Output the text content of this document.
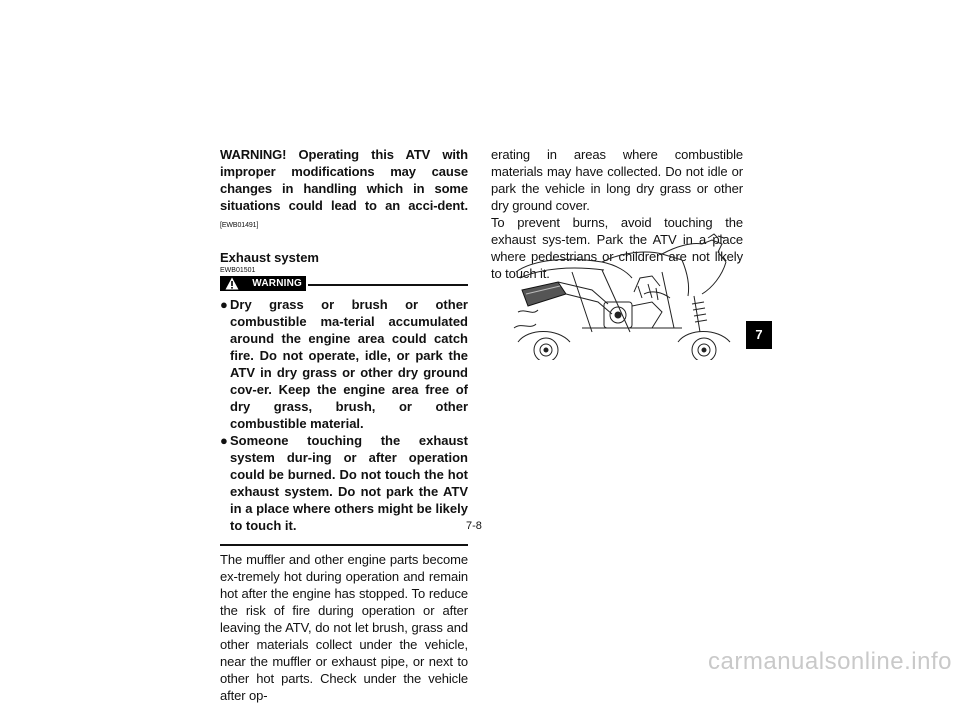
WARNING! Operating this ATV with improper modifications may cause changes in handling which in some situations could lead to an acci-dent. [EWB01491]

Exhaust system
EWB01501
WARNING
● Dry grass or brush or other combustible ma-terial accumulated around the engine area could catch fire. Do not operate, idle, or park the ATV in dry grass or other dry ground cov-er. Keep the engine area free of dry grass, brush, or other combustible material.
● Someone touching the exhaust system dur-ing or after operation could be burned. Do not touch the hot exhaust system. Do not park the ATV in a place where others might be likely to touch it.

The muffler and other engine parts become ex-tremely hot during operation and remain hot after the engine has stopped. To reduce the risk of fire during operation or after leaving the ATV, do not let brush, grass and other materials collect under the vehicle, near the muffler or exhaust pipe, or next to other hot parts. Check under the vehicle after op-

erating in areas where combustible materials may have collected. Do not idle or park the vehicle in long dry grass or other dry ground cover.

To prevent burns, avoid touching the exhaust sys-tem. Park the ATV in a place where pedestrians or children are not likely to touch it.

7-8
7
carmanualsonline.info
